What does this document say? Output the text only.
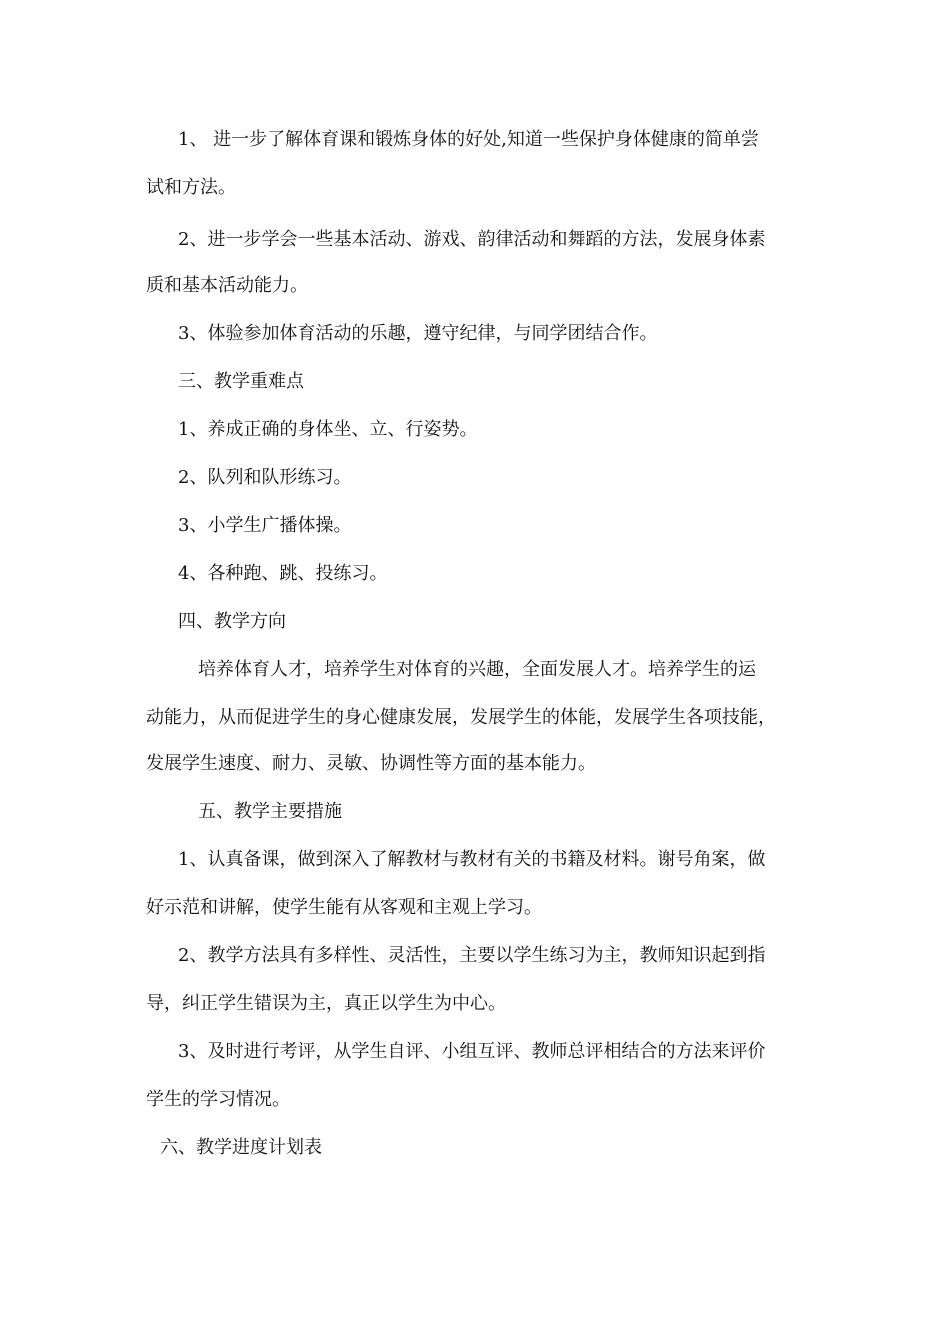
1、 进一步了解体育课和锻炼身体的好处,知道一些保护身体健康的简单尝
试和方法。
2、进一步学会一些基本活动、游戏、韵律活动和舞蹈的方法，发展身体素
质和基本活动能力。
3、体验参加体育活动的乐趣，遵守纪律，与同学团结合作。
三、教学重难点
1、养成正确的身体坐、立、行姿势。
2、队列和队形练习。
3、小学生广播体操。
4、各种跑、跳、投练习。
四、教学方向
培养体育人才，培养学生对体育的兴趣，全面发展人才。培养学生的运
动能力，从而促进学生的身心健康发展，发展学生的体能，发展学生各项技能，
发展学生速度、耐力、灵敏、协调性等方面的基本能力。
五、教学主要措施
1、认真备课，做到深入了解教材与教材有关的书籍及材料。谢号角案，做
好示范和讲解，使学生能有从客观和主观上学习。
2、教学方法具有多样性、灵活性，主要以学生练习为主，教师知识起到指
导，纠正学生错误为主，真正以学生为中心。
3、及时进行考评，从学生自评、小组互评、教师总评相结合的方法来评价
学生的学习情况。
六、教学进度计划表
